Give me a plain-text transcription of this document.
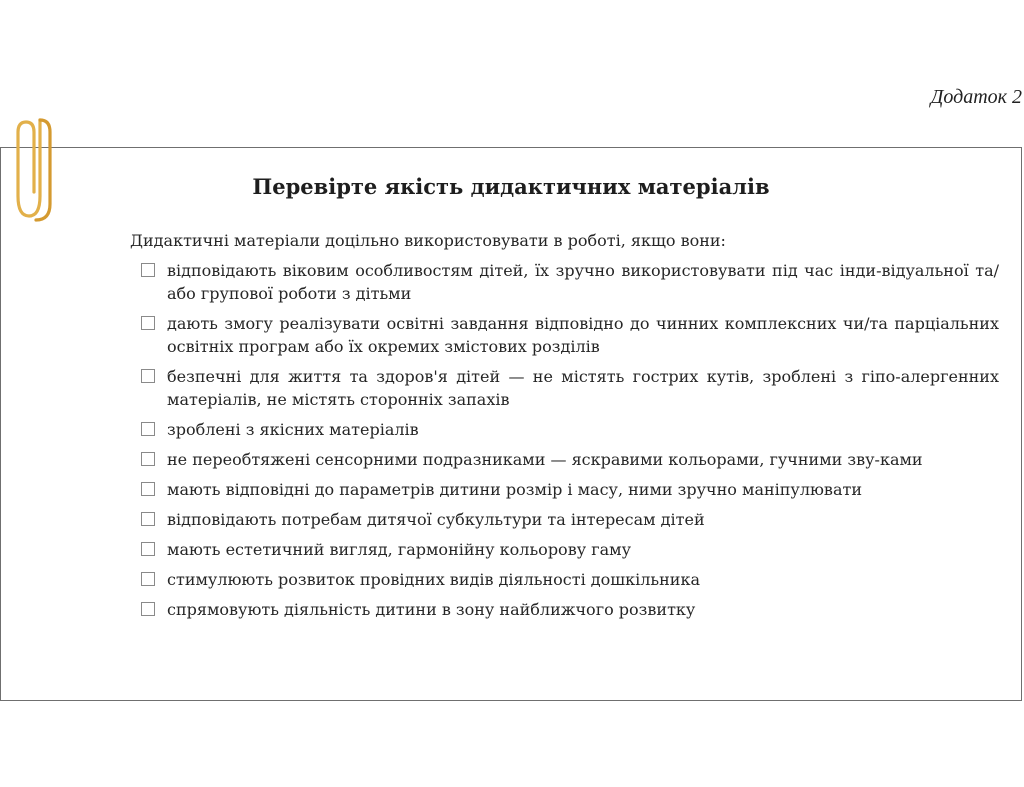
Додаток 2
Перевірте якість дидактичних матеріалів
Дидактичні матеріали доцільно використовувати в роботі, якщо вони:
відповідають віковим особливостям дітей, їх зручно використовувати під час інди-відуальної та/або групової роботи з дітьми
дають змогу реалізувати освітні завдання відповідно до чинних комплексних чи/та парціальних освітніх програм або їх окремих змістових розділів
безпечні для життя та здоров'я дітей — не містять гострих кутів, зроблені з гіпо-алергенних матеріалів, не містять сторонніх запахів
зроблені з якісних матеріалів
не переобтяжені сенсорними подразниками — яскравими кольорами, гучними зву-ками
мають відповідні до параметрів дитини розмір і масу, ними зручно маніпулювати
відповідають потребам дитячої субкультури та інтересам дітей
мають естетичний вигляд, гармонійну кольорову гаму
стимулюють розвиток провідних видів діяльності дошкільника
спрямовують діяльність дитини в зону найближчого розвитку
